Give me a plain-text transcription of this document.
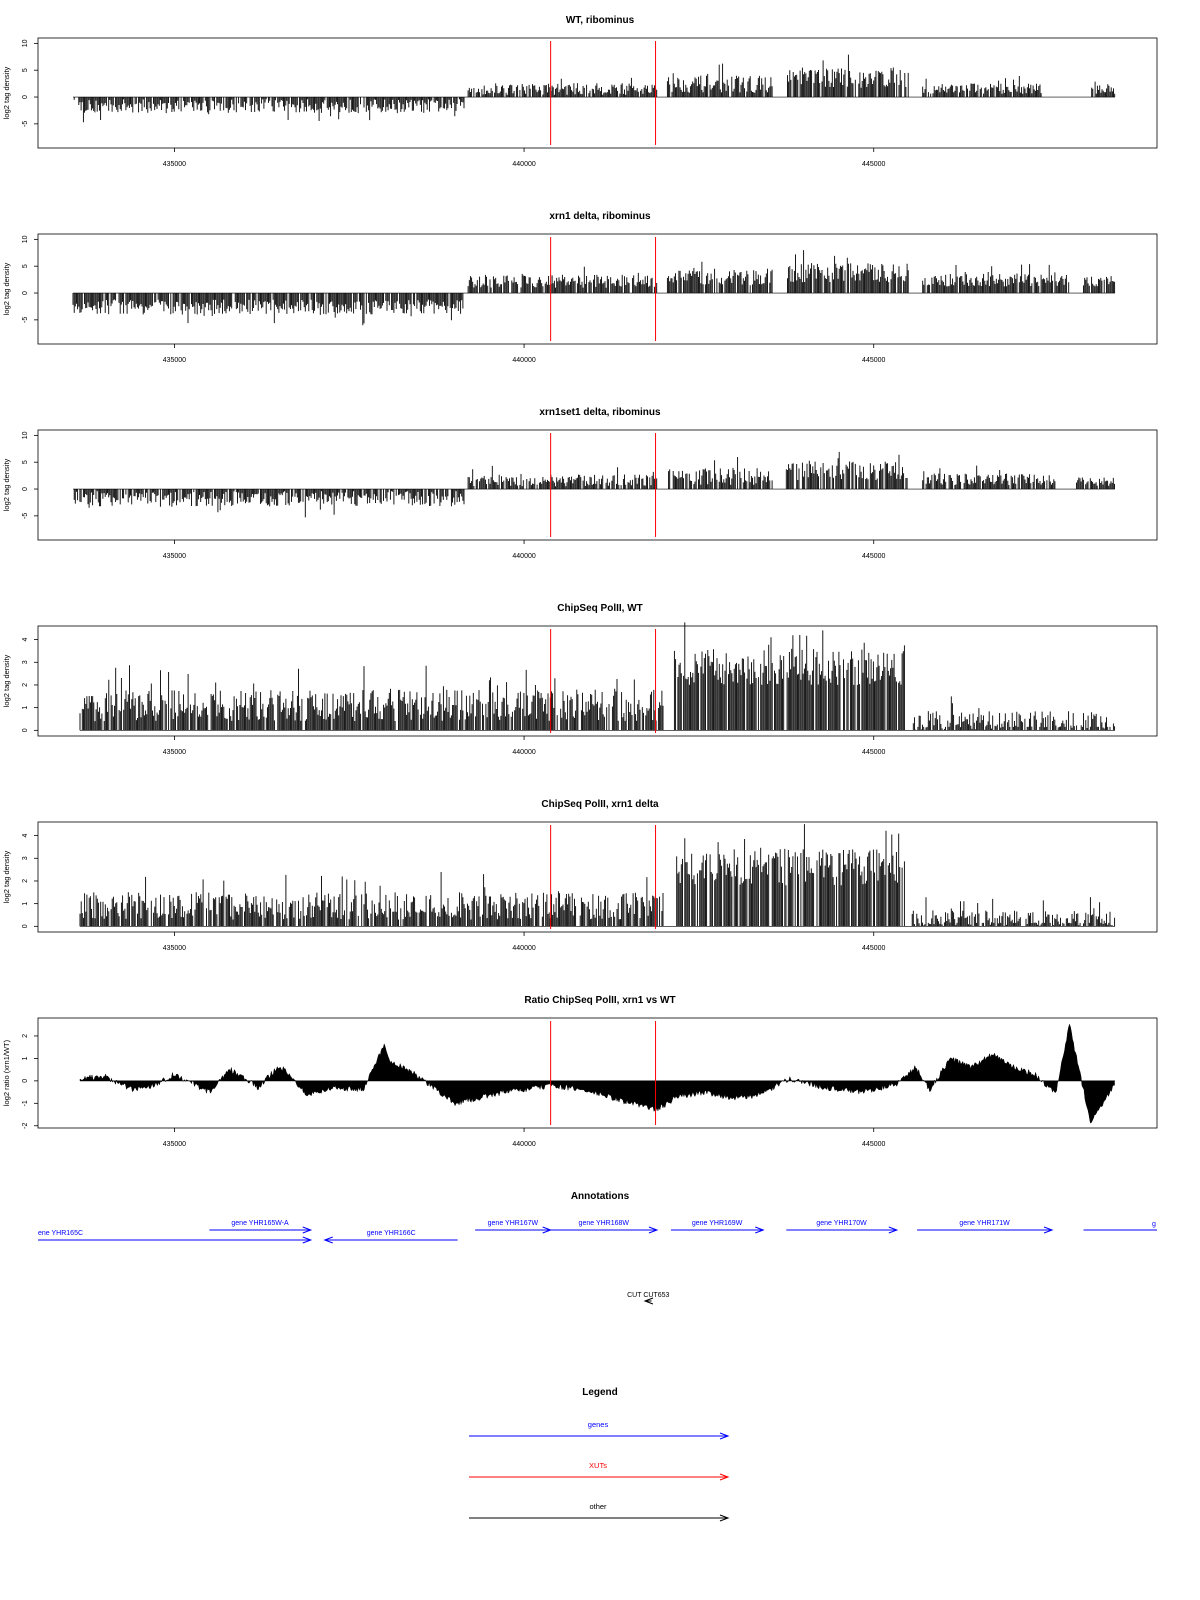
WT, ribominus
log2 tag density
-5
0
5
10
435000	440000	445000
xrn1 delta, ribominus
log2 tag density
-5
0
5
10
435000	440000	445000
xrn1set1 delta, ribominus
log2 tag density
-5
0
5
10
435000	440000	445000
ChipSeq PolII, WT
log2 tag density
0
1
2
3
4
435000	440000	445000
ChipSeq PolII, xrn1 delta
log2 tag density
0
1
2
3
4
435000	440000	445000
Ratio ChipSeq PolII, xrn1 vs WT
log2 ratio (xrn1/WT)
-2
-1
0
1
2
435000	440000	445000
Annotations
ene YHR165C
gene YHR165W-A
gene YHR166C
gene YHR167W	gene YHR168W	gene YHR169W	gene YHR170W	gene YHR171W	g
CUT CUT653
Legend
genes
XUTs
other
